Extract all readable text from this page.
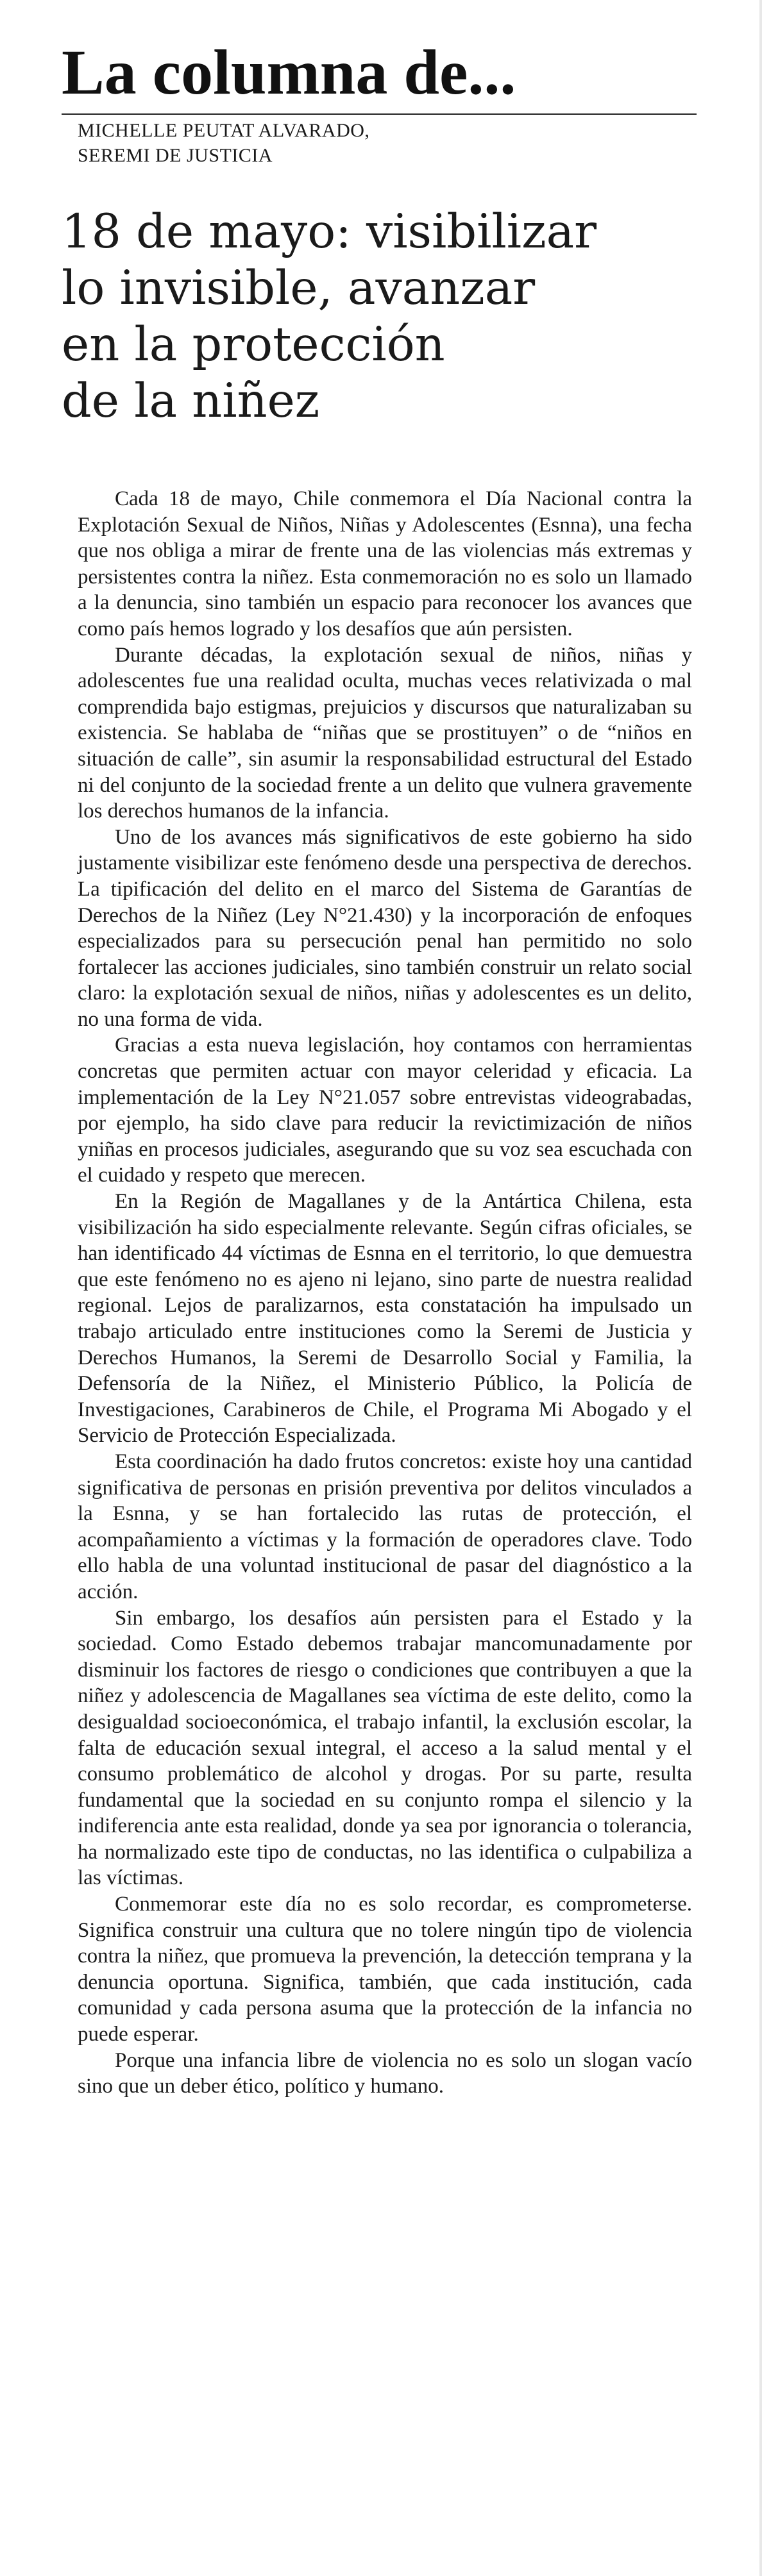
La columna de...
MICHELLE PEUTAT ALVARADO,
SEREMI DE JUSTICIA
18 de mayo: visibilizar
lo invisible, avanzar
en la protección
de la niñez

Cada 18 de mayo, Chile conmemora el Día Nacional contra la Explotación Sexual de Niños, Niñas y Adolescentes (Esnna), una fecha que nos obliga a mirar de frente una de las violencias más extremas y persistentes contra la niñez. Esta conmemoración no es solo un llamado a la denuncia, sino también un espacio para reconocer los avances que como país hemos logrado y los desafíos que aún persisten.

Durante décadas, la explotación sexual de niños, niñas y adolescentes fue una realidad oculta, muchas veces relativizada o mal comprendida bajo estigmas, prejuicios y discursos que naturalizaban su existencia. Se hablaba de “niñas que se prostituyen” o de “niños en situación de calle”, sin asumir la responsabilidad estructural del Estado ni del conjunto de la sociedad frente a un delito que vulnera gravemente los derechos humanos de la infancia.

Uno de los avances más significativos de este gobierno ha sido justamente visibilizar este fenómeno desde una perspectiva de derechos. La tipificación del delito en el marco del Sistema de Garantías de Derechos de la Niñez (Ley N°21.430) y la incorporación de enfoques especializados para su persecución penal han permitido no solo fortalecer las acciones judiciales, sino también construir un relato social claro: la explotación sexual de niños, niñas y adolescentes es un delito, no una forma de vida.

Gracias a esta nueva legislación, hoy contamos con herramientas concretas que permiten actuar con mayor celeridad y eficacia. La implementación de la Ley N°21.057 sobre entrevistas videograbadas, por ejemplo, ha sido clave para reducir la revictimización de niños yniñas en procesos judiciales, asegurando que su voz sea escuchada con el cuidado y respeto que merecen.

En la Región de Magallanes y de la Antártica Chilena, esta visibilización ha sido especialmente relevante. Según cifras oficiales, se han identificado 44 víctimas de Esnna en el territorio, lo que demuestra que este fenómeno no es ajeno ni lejano, sino parte de nuestra realidad regional. Lejos de paralizarnos, esta constatación ha impulsado un trabajo articulado entre instituciones como la Seremi de Justicia y Derechos Humanos, la Seremi de Desarrollo Social y Familia, la Defensoría de la Niñez, el Ministerio Público, la Policía de Investigaciones, Carabineros de Chile, el Programa Mi Abogado y el Servicio de Protección Especializada.

Esta coordinación ha dado frutos concretos: existe hoy una cantidad significativa de personas en prisión preventiva por delitos vinculados a la Esnna, y se han fortalecido las rutas de protección, el acompañamiento a víctimas y la formación de operadores clave. Todo ello habla de una voluntad institucional de pasar del diagnóstico a la acción.

Sin embargo, los desafíos aún persisten para el Estado y la sociedad. Como Estado debemos trabajar mancomunadamente por disminuir los factores de riesgo o condiciones que contribuyen a que la niñez y adolescencia de Magallanes sea víctima de este delito, como la desigualdad socioeconómica, el trabajo infantil, la exclusión escolar, la falta de educación sexual integral, el acceso a la salud mental y el consumo problemático de alcohol y drogas. Por su parte, resulta fundamental que la sociedad en su conjunto rompa el silencio y la indiferencia ante esta realidad, donde ya sea por ignorancia o tolerancia, ha normalizado este tipo de conductas, no las identifica o culpabiliza a las víctimas.

Conmemorar este día no es solo recordar, es comprometerse. Significa construir una cultura que no tolere ningún tipo de violencia contra la niñez, que promueva la prevención, la detección temprana y la denuncia oportuna. Significa, también, que cada institución, cada comunidad y cada persona asuma que la protección de la infancia no puede esperar.

Porque una infancia libre de violencia no es solo un slogan vacío sino que un deber ético, político y humano.
